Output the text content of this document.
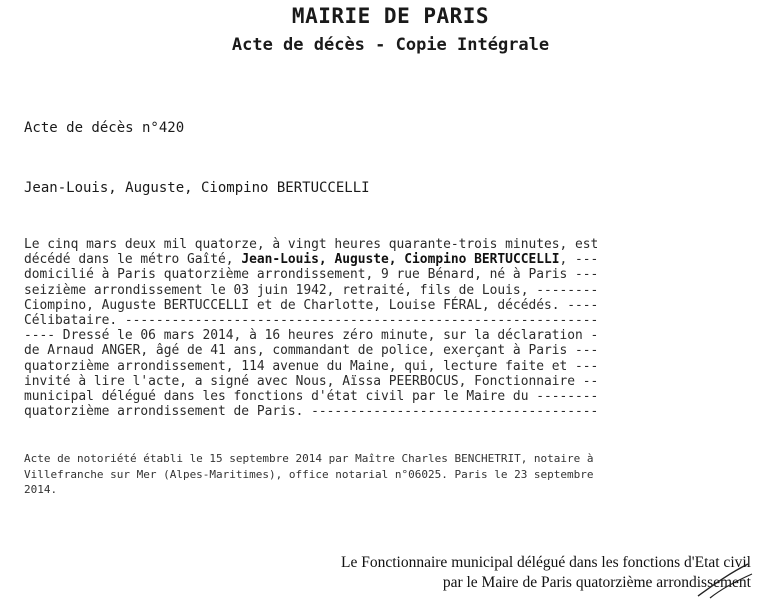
MAIRIE DE PARIS
Acte de décès - Copie Intégrale
Acte de décès n°420
Jean-Louis, Auguste, Ciompino BERTUCCELLI
Le cinq mars deux mil quatorze, à vingt heures quarante-trois minutes, est
décédé dans le métro Gaîté, Jean-Louis, Auguste, Ciompino BERTUCCELLI, ---
domicilié à Paris quatorzième arrondissement, 9 rue Bénard, né à Paris ---
seizième arrondissement le 03 juin 1942, retraité, fils de Louis, --------
Ciompino, Auguste BERTUCCELLI et de Charlotte, Louise FÉRAL, décédés. ----
Célibataire. -------------------------------------------------------------
---- Dressé le 06 mars 2014, à 16 heures zéro minute, sur la déclaration -
de Arnaud ANGER, âgé de 41 ans, commandant de police, exerçant à Paris ---
quatorzième arrondissement, 114 avenue du Maine, qui, lecture faite et ---
invité à lire l'acte, a signé avec Nous, Aïssa PEERBOCUS, Fonctionnaire --
municipal délégué dans les fonctions d'état civil par le Maire du --------
quatorzième arrondissement de Paris. -------------------------------------
Acte de notoriété établi le 15 septembre 2014 par Maître Charles BENCHETRIT, notaire à
Villefranche sur Mer (Alpes-Maritimes), office notarial n°06025. Paris le 23 septembre
2014.
Le Fonctionnaire municipal délégué dans les fonctions d'Etat civil
par le Maire de Paris quatorzième arrondissement
